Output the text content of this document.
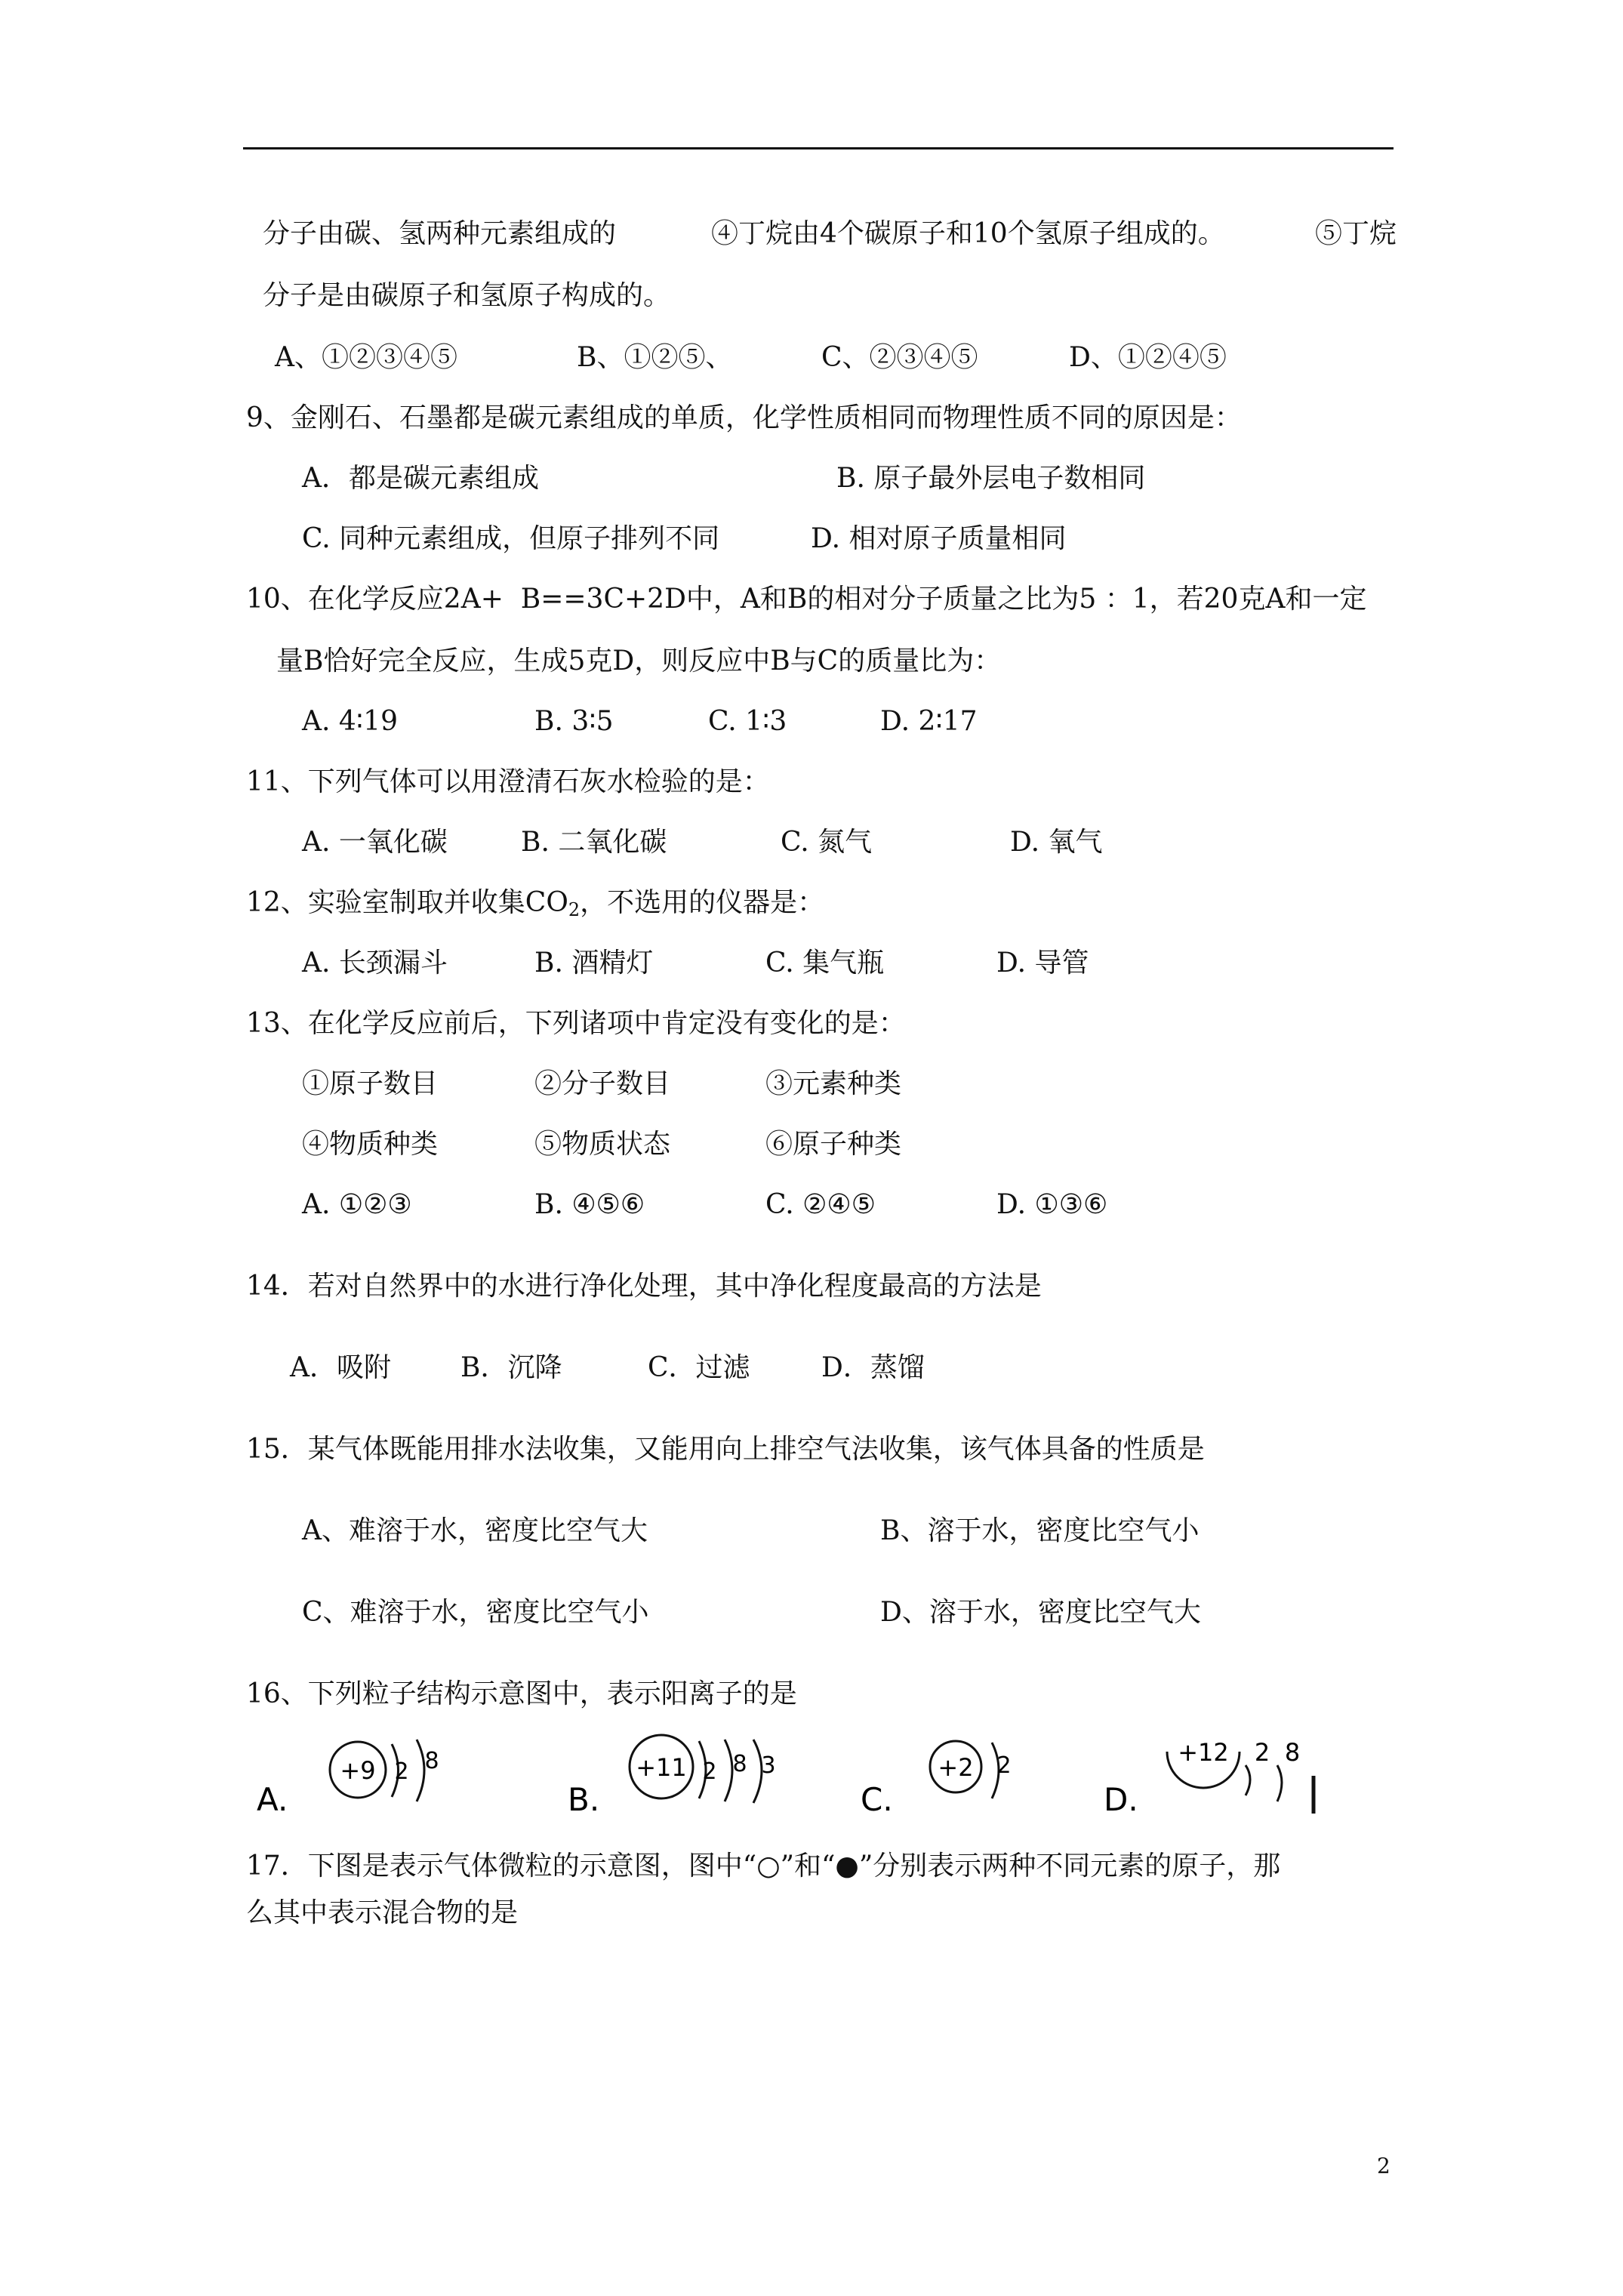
分子由碳、氢两种元素组成的	④丁烷由4个碳原子和10个氢原子组成的。	⑤丁烷
分子是由碳原子和氢原子构成的。
A、①②③④⑤	B、①②⑤、	C、②③④⑤	D、①②④⑤
9、金刚石、石墨都是碳元素组成的单质，化学性质相同而物理性质不同的原因是：
A．都是碳元素组成	B. 原子最外层电子数相同
C. 同种元素组成，但原子排列不同	D. 相对原子质量相同
10、在化学反应2A+  B==3C+2D中，A和B的相对分子质量之比为5 ：1，若20克A和一定
量B恰好完全反应，生成5克D，则反应中B与C的质量比为：
A. 4∶19	B. 3∶5	C. 1∶3	D. 2∶17
11、下列气体可以用澄清石灰水检验的是：
A. 一氧化碳	B. 二氧化碳	C. 氮气	D. 氧气
12、实验室制取并收集$CO_2$，不选用的仪器是：
A. 长颈漏斗	B. 酒精灯	C. 集气瓶	D. 导管
13、在化学反应前后，下列诸项中肯定没有变化的是：
①原子数目	②分子数目	③元素种类
④物质种类	⑤物质状态	⑥原子种类
A. ①②③	B. ④⑤⑥	C. ②④⑤	D. ①③⑥
14．若对自然界中的水进行净化处理，其中净化程度最高的方法是
A．吸附	B．沉降	C．过滤	D．蒸馏
15．某气体既能用排水法收集，又能用向上排空气法收集，该气体具备的性质是
A、难溶于水，密度比空气大	B、溶于水，密度比空气小
C、难溶于水，密度比空气小	D、溶于水，密度比空气大
16、下列粒子结构示意图中，表示阳离子的是
A.
+9 2 8
B.
+11 2 8 3
C.
+2 2
D.
+12 2 8
17．下图是表示气体微粒的示意图，图中“○”和“●”分别表示两种不同元素的原子，那
么其中表示混合物的是
2
